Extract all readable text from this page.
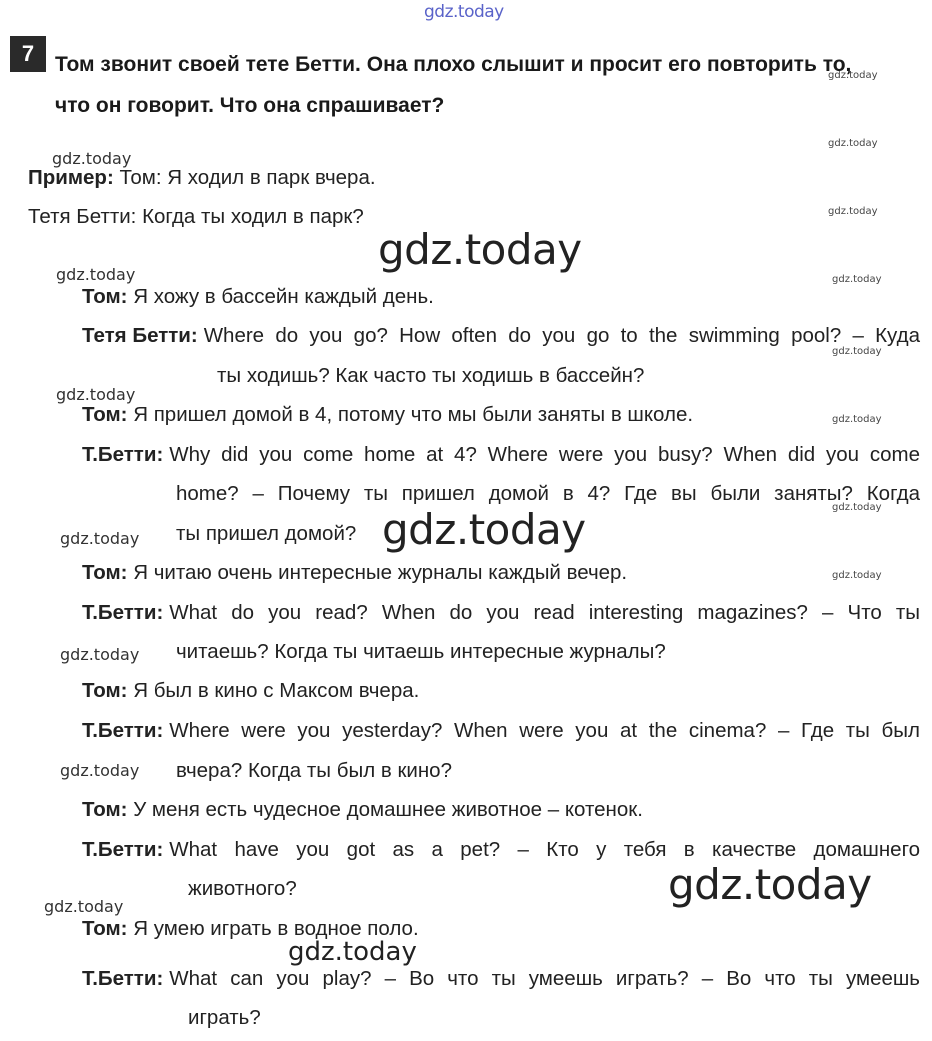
gdz.today
gdz.today
gdz.today
gdz.today
gdz.today
gdz.today
gdz.today
gdz.today
gdz.today
gdz.today
gdz.today
gdz.today
gdz.today
gdz.today
gdz.today
gdz.today
gdz.today
gdz.today
gdz.today
gdz.today
7 Том звонит своей тете Бетти. Она плохо слышит и просит его повторить то,
что он говорит. Что она спрашивает?
Пример: Том: Я ходил в парк вчера.
Тетя Бетти: Когда ты ходил в парк?
Том: Я хожу в бассейн каждый день.
Тетя Бетти: Where do you go? How often do you go to the swimming pool? – Куда
ты ходишь? Как часто ты ходишь в бассейн?
Том: Я пришел домой в 4, потому что мы были заняты в школе.
Т.Бетти: Why did you come home at 4? Where were you busy? When did you come
home? – Почему ты пришел домой в 4? Где вы были заняты? Когда
ты пришел домой?
Том: Я читаю очень интересные журналы каждый вечер.
Т.Бетти: What do you read? When do you read interesting magazines? – Что ты
читаешь? Когда ты читаешь интересные журналы?
Том: Я был в кино с Максом вчера.
Т.Бетти: Where were you yesterday? When were you at the cinema? – Где ты был
вчера? Когда ты был в кино?
Том: У меня есть чудесное домашнее животное – котенок.
Т.Бетти: What have you got as a pet? – Кто у тебя в качестве домашнего
животного?
Том: Я умею играть в водное поло.
Т.Бетти: What can you play? – Во что ты умеешь играть? – Во что ты умеешь
играть?
